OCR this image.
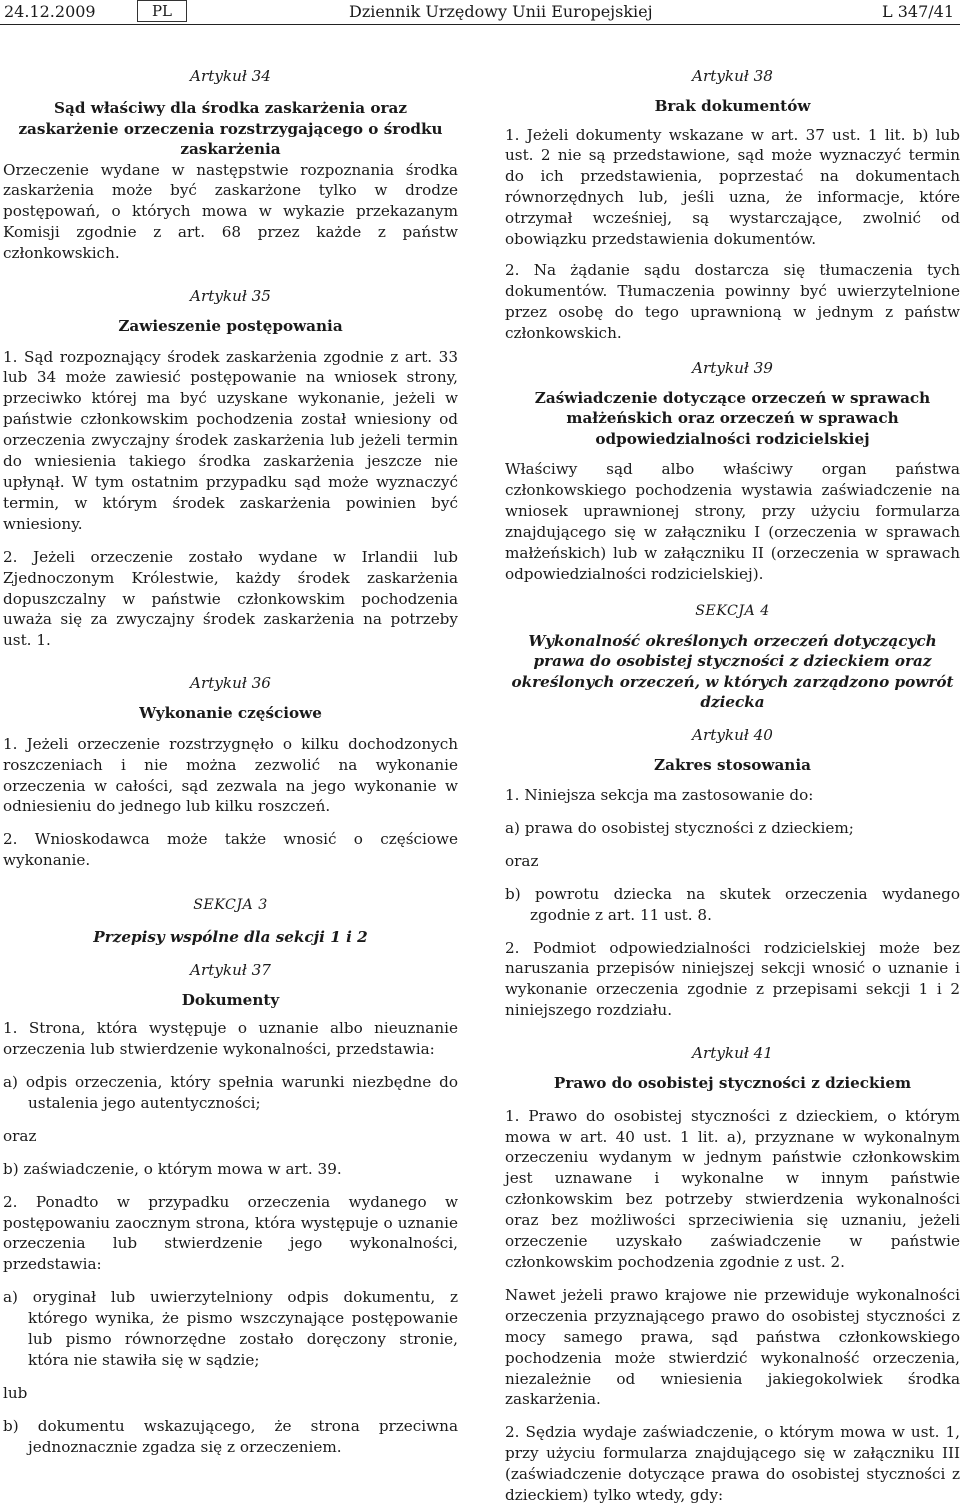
24.12.2009	PL	Dziennik Urzędowy Unii Europejskiej	L 347/41

Artykuł 34

Sąd właściwy dla środka zaskarżenia oraz zaskarżenie orzeczenia rozstrzygającego o środku zaskarżenia

Orzeczenie wydane w następstwie rozpoznania środka zaskarżenia może być zaskarżone tylko w drodze postępowań, o których mowa w wykazie przekazanym Komisji zgodnie z art. 68 przez każde z państw członkowskich.

Artykuł 35

Zawieszenie postępowania

1. Sąd rozpoznający środek zaskarżenia zgodnie z art. 33 lub 34 może zawiesić postępowanie na wniosek strony, przeciwko której ma być uzyskane wykonanie, jeżeli w państwie członkowskim pochodzenia został wniesiony od orzeczenia zwyczajny środek zaskarżenia lub jeżeli termin do wniesienia takiego środka zaskarżenia jeszcze nie upłynął. W tym ostatnim przypadku sąd może wyznaczyć termin, w którym środek zaskarżenia powinien być wniesiony.

2. Jeżeli orzeczenie zostało wydane w Irlandii lub Zjednoczonym Królestwie, każdy środek zaskarżenia dopuszczalny w państwie członkowskim pochodzenia uważa się za zwyczajny środek zaskarżenia na potrzeby ust. 1.

Artykuł 36

Wykonanie częściowe

1. Jeżeli orzeczenie rozstrzygnęło o kilku dochodzonych roszczeniach i nie można zezwolić na wykonanie orzeczenia w całości, sąd zezwala na jego wykonanie w odniesieniu do jednego lub kilku roszczeń.

2. Wnioskodawca może także wnosić o częściowe wykonanie.

SEKCJA 3

Przepisy wspólne dla sekcji 1 i 2

Artykuł 37

Dokumenty

1. Strona, która występuje o uznanie albo nieuznanie orzeczenia lub stwierdzenie wykonalności, przedstawia:

a) odpis orzeczenia, który spełnia warunki niezbędne do ustalenia jego autentyczności;

oraz

b) zaświadczenie, o którym mowa w art. 39.

2. Ponadto w przypadku orzeczenia wydanego w postępowaniu zaocznym strona, która występuje o uznanie orzeczenia lub stwierdzenie jego wykonalności, przedstawia:

a) oryginał lub uwierzytelniony odpis dokumentu, z którego wynika, że pismo wszczynające postępowanie lub pismo równorzędne zostało doręczony stronie, która nie stawiła się w sądzie;

lub

b) dokumentu wskazującego, że strona przeciwna jednoznacznie zgadza się z orzeczeniem.

Artykuł 38

Brak dokumentów

1. Jeżeli dokumenty wskazane w art. 37 ust. 1 lit. b) lub ust. 2 nie są przedstawione, sąd może wyznaczyć termin do ich przedstawienia, poprzestać na dokumentach równorzędnych lub, jeśli uzna, że informacje, które otrzymał wcześniej, są wystarczające, zwolnić od obowiązku przedstawienia dokumentów.

2. Na żądanie sądu dostarcza się tłumaczenia tych dokumentów. Tłumaczenia powinny być uwierzytelnione przez osobę do tego uprawnioną w jednym z państw członkowskich.

Artykuł 39

Zaświadczenie dotyczące orzeczeń w sprawach małżeńskich oraz orzeczeń w sprawach odpowiedzialności rodzicielskiej

Właściwy sąd albo właściwy organ państwa członkowskiego pochodzenia wystawia zaświadczenie na wniosek uprawnionej strony, przy użyciu formularza znajdującego się w załączniku I (orzeczenia w sprawach małżeńskich) lub w załączniku II (orzeczenia w sprawach odpowiedzialności rodzicielskiej).

SEKCJA 4

Wykonalność określonych orzeczeń dotyczących prawa do osobistej styczności z dzieckiem oraz określonych orzeczeń, w których zarządzono powrót dziecka

Artykuł 40

Zakres stosowania

1. Niniejsza sekcja ma zastosowanie do:

a) prawa do osobistej styczności z dzieckiem;

oraz

b) powrotu dziecka na skutek orzeczenia wydanego zgodnie z art. 11 ust. 8.

2. Podmiot odpowiedzialności rodzicielskiej może bez naruszania przepisów niniejszej sekcji wnosić o uznanie i wykonanie orzeczenia zgodnie z przepisami sekcji 1 i 2 niniejszego rozdziału.

Artykuł 41

Prawo do osobistej styczności z dzieckiem

1. Prawo do osobistej styczności z dzieckiem, o którym mowa w art. 40 ust. 1 lit. a), przyznane w wykonalnym orzeczeniu wydanym w jednym państwie członkowskim jest uznawane i wykonalne w innym państwie członkowskim bez potrzeby stwierdzenia wykonalności oraz bez możliwości sprzeciwienia się uznaniu, jeżeli orzeczenie uzyskało zaświadczenie w państwie członkowskim pochodzenia zgodnie z ust. 2.

Nawet jeżeli prawo krajowe nie przewiduje wykonalności orzeczenia przyznającego prawo do osobistej styczności z mocy samego prawa, sąd państwa członkowskiego pochodzenia może stwierdzić wykonalność orzeczenia, niezależnie od wniesienia jakiegokolwiek środka zaskarżenia.

2. Sędzia wydaje zaświadczenie, o którym mowa w ust. 1, przy użyciu formularza znajdującego się w załączniku III (zaświadczenie dotyczące prawa do osobistej styczności z dzieckiem) tylko wtedy, gdy:
